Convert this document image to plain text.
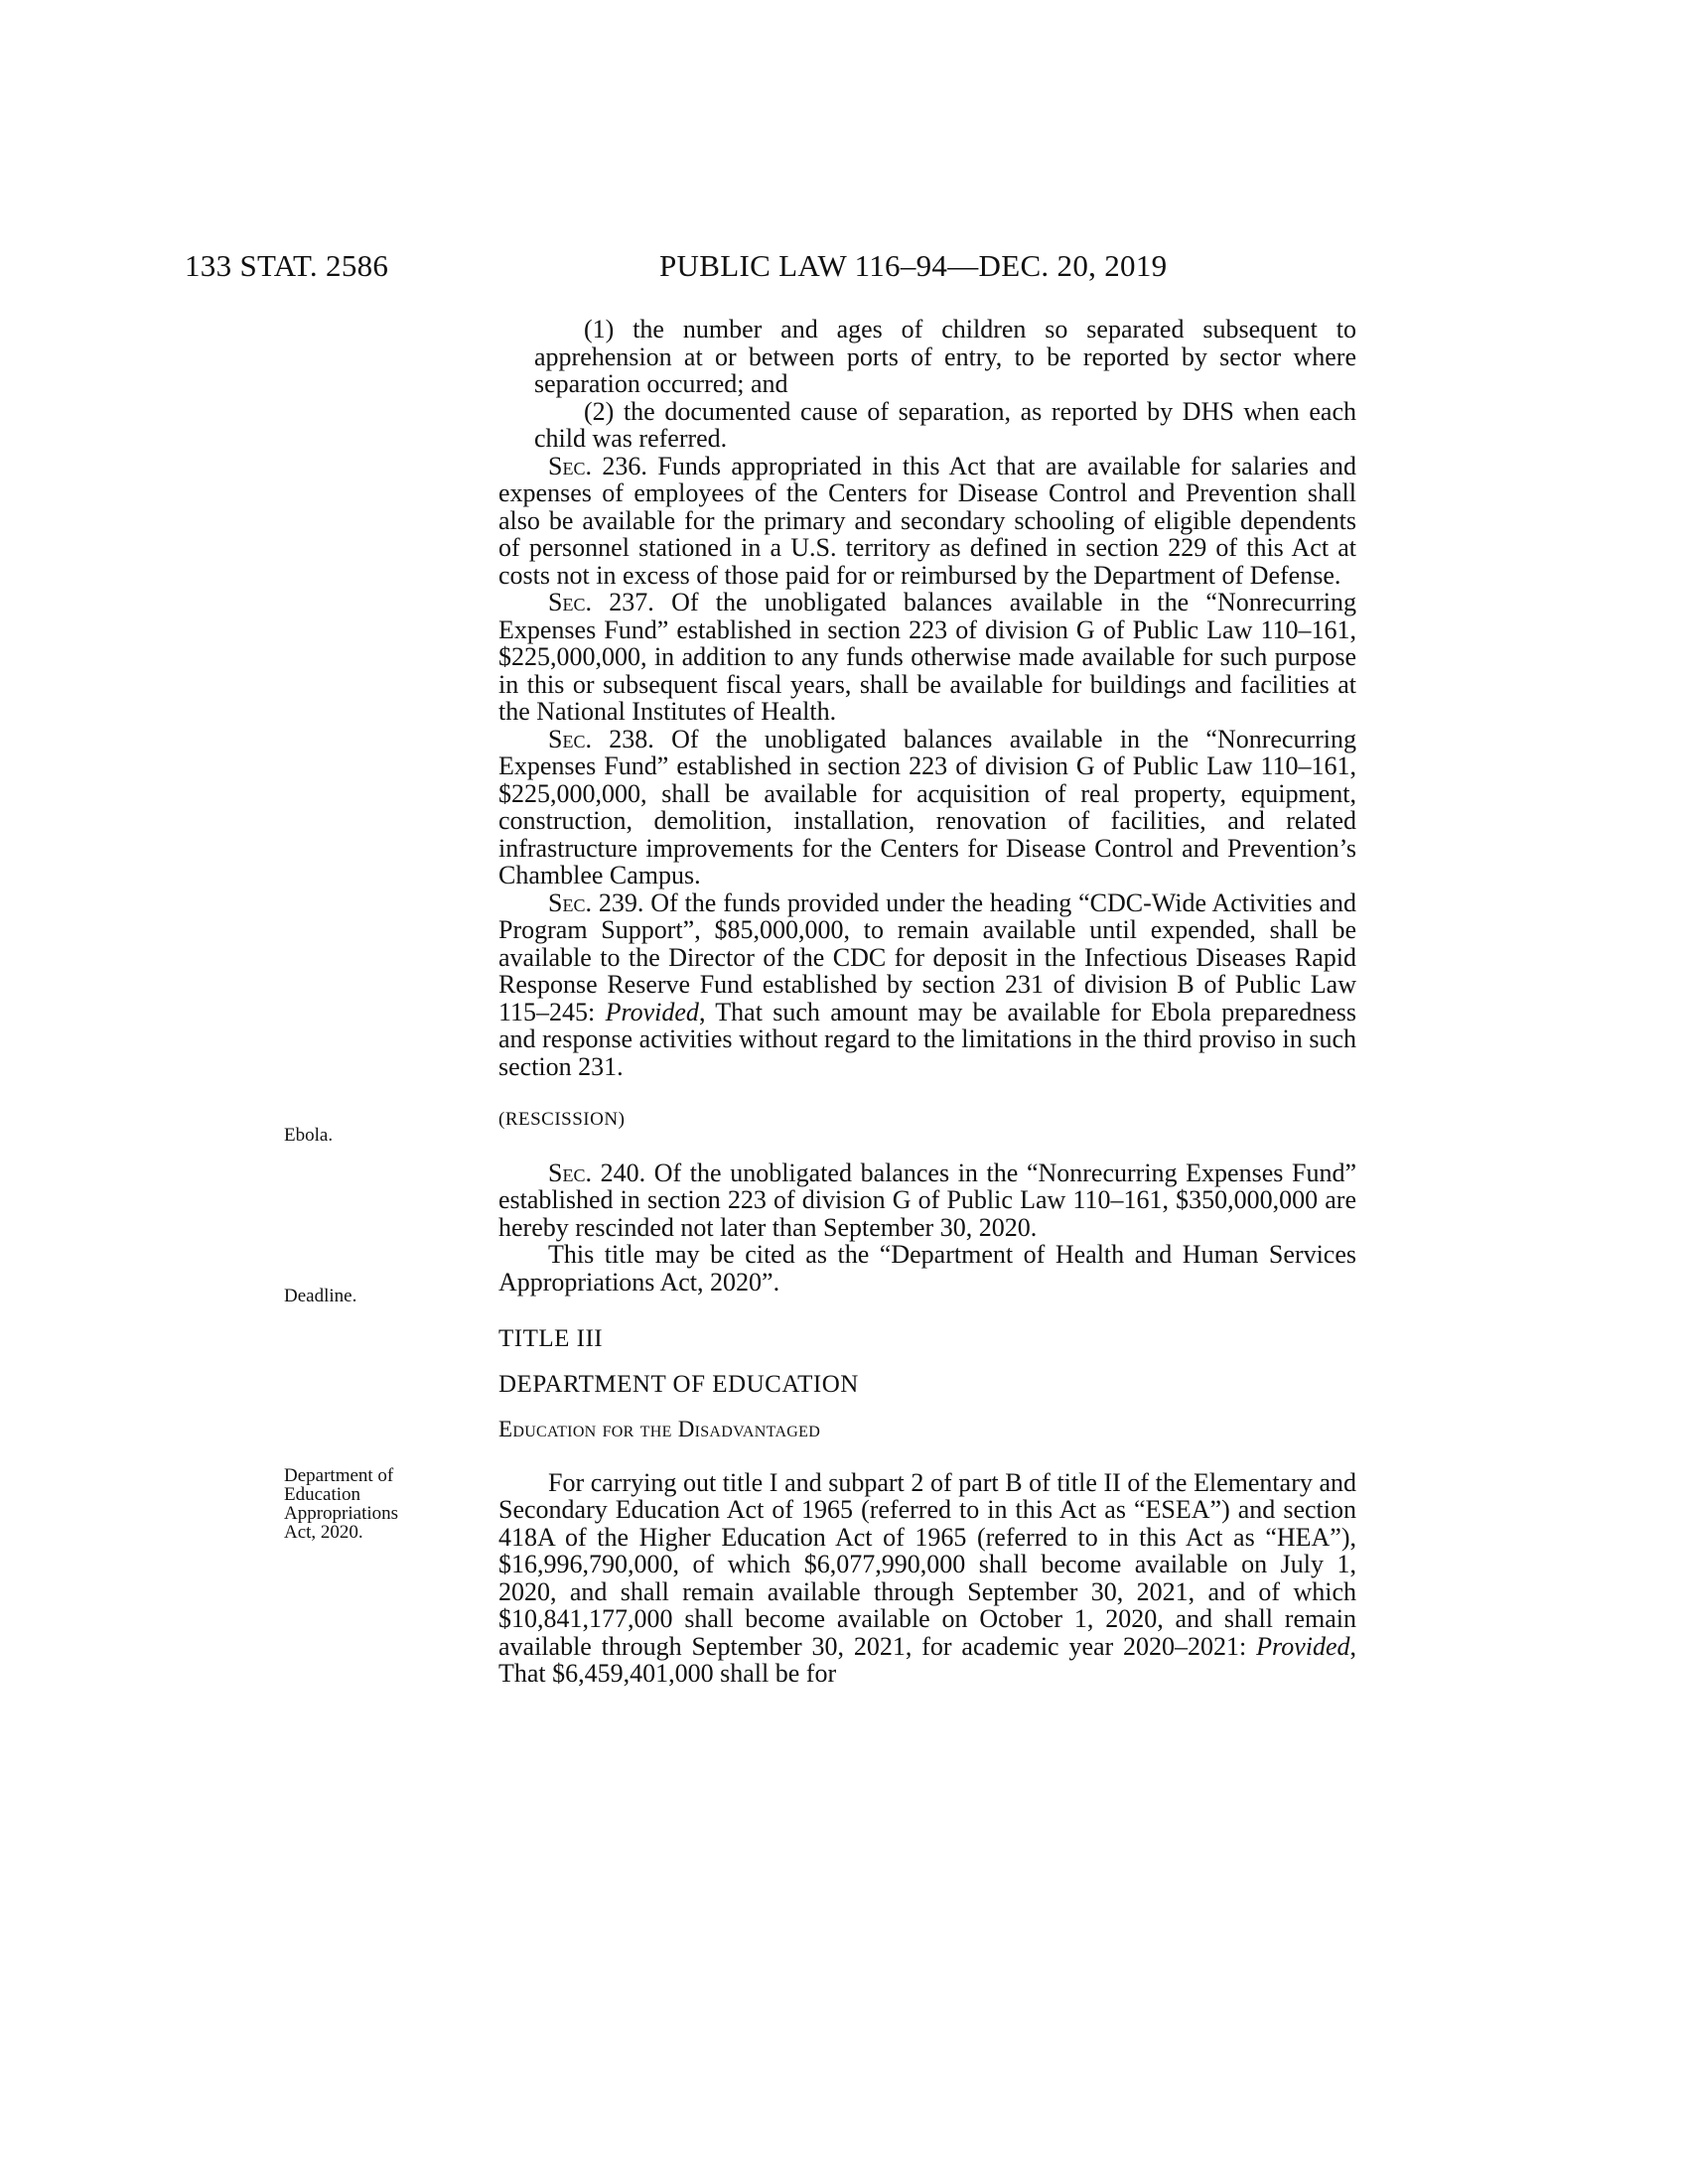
133 STAT. 2586	PUBLIC LAW 116–94—DEC. 20, 2019
Ebola.
Deadline.
Department of
Education
Appropriations
Act, 2020.

(1) the number and ages of children so separated subsequent to apprehension at or between ports of entry, to be reported by sector where separation occurred; and

(2) the documented cause of separation, as reported by DHS when each child was referred.

Sec. 236. Funds appropriated in this Act that are available for salaries and expenses of employees of the Centers for Disease Control and Prevention shall also be available for the primary and secondary schooling of eligible dependents of personnel stationed in a U.S. territory as defined in section 229 of this Act at costs not in excess of those paid for or reimbursed by the Department of Defense.

Sec. 237. Of the unobligated balances available in the “Nonrecurring Expenses Fund” established in section 223 of division G of Public Law 110–161, $225,000,000, in addition to any funds otherwise made available for such purpose in this or subsequent fiscal years, shall be available for buildings and facilities at the National Institutes of Health.

Sec. 238. Of the unobligated balances available in the “Nonrecurring Expenses Fund” established in section 223 of division G of Public Law 110–161, $225,000,000, shall be available for acquisition of real property, equipment, construction, demolition, installation, renovation of facilities, and related infrastructure improvements for the Centers for Disease Control and Prevention’s Chamblee Campus.

Sec. 239. Of the funds provided under the heading “CDC-Wide Activities and Program Support”, $85,000,000, to remain available until expended, shall be available to the Director of the CDC for deposit in the Infectious Diseases Rapid Response Reserve Fund established by section 231 of division B of Public Law 115–245: Provided, That such amount may be available for Ebola preparedness and response activities without regard to the limitations in the third proviso in such section 231.

(RESCISSION)

Sec. 240. Of the unobligated balances in the “Nonrecurring Expenses Fund” established in section 223 of division G of Public Law 110–161, $350,000,000 are hereby rescinded not later than September 30, 2020.

This title may be cited as the “Department of Health and Human Services Appropriations Act, 2020”.

TITLE III

DEPARTMENT OF EDUCATION

Education for the Disadvantaged

For carrying out title I and subpart 2 of part B of title II of the Elementary and Secondary Education Act of 1965 (referred to in this Act as “ESEA”) and section 418A of the Higher Education Act of 1965 (referred to in this Act as “HEA”), $16,996,790,000, of which $6,077,990,000 shall become available on July 1, 2020, and shall remain available through September 30, 2021, and of which $10,841,177,000 shall become available on October 1, 2020, and shall remain available through September 30, 2021, for academic year 2020–2021: Provided, That $6,459,401,000 shall be for
